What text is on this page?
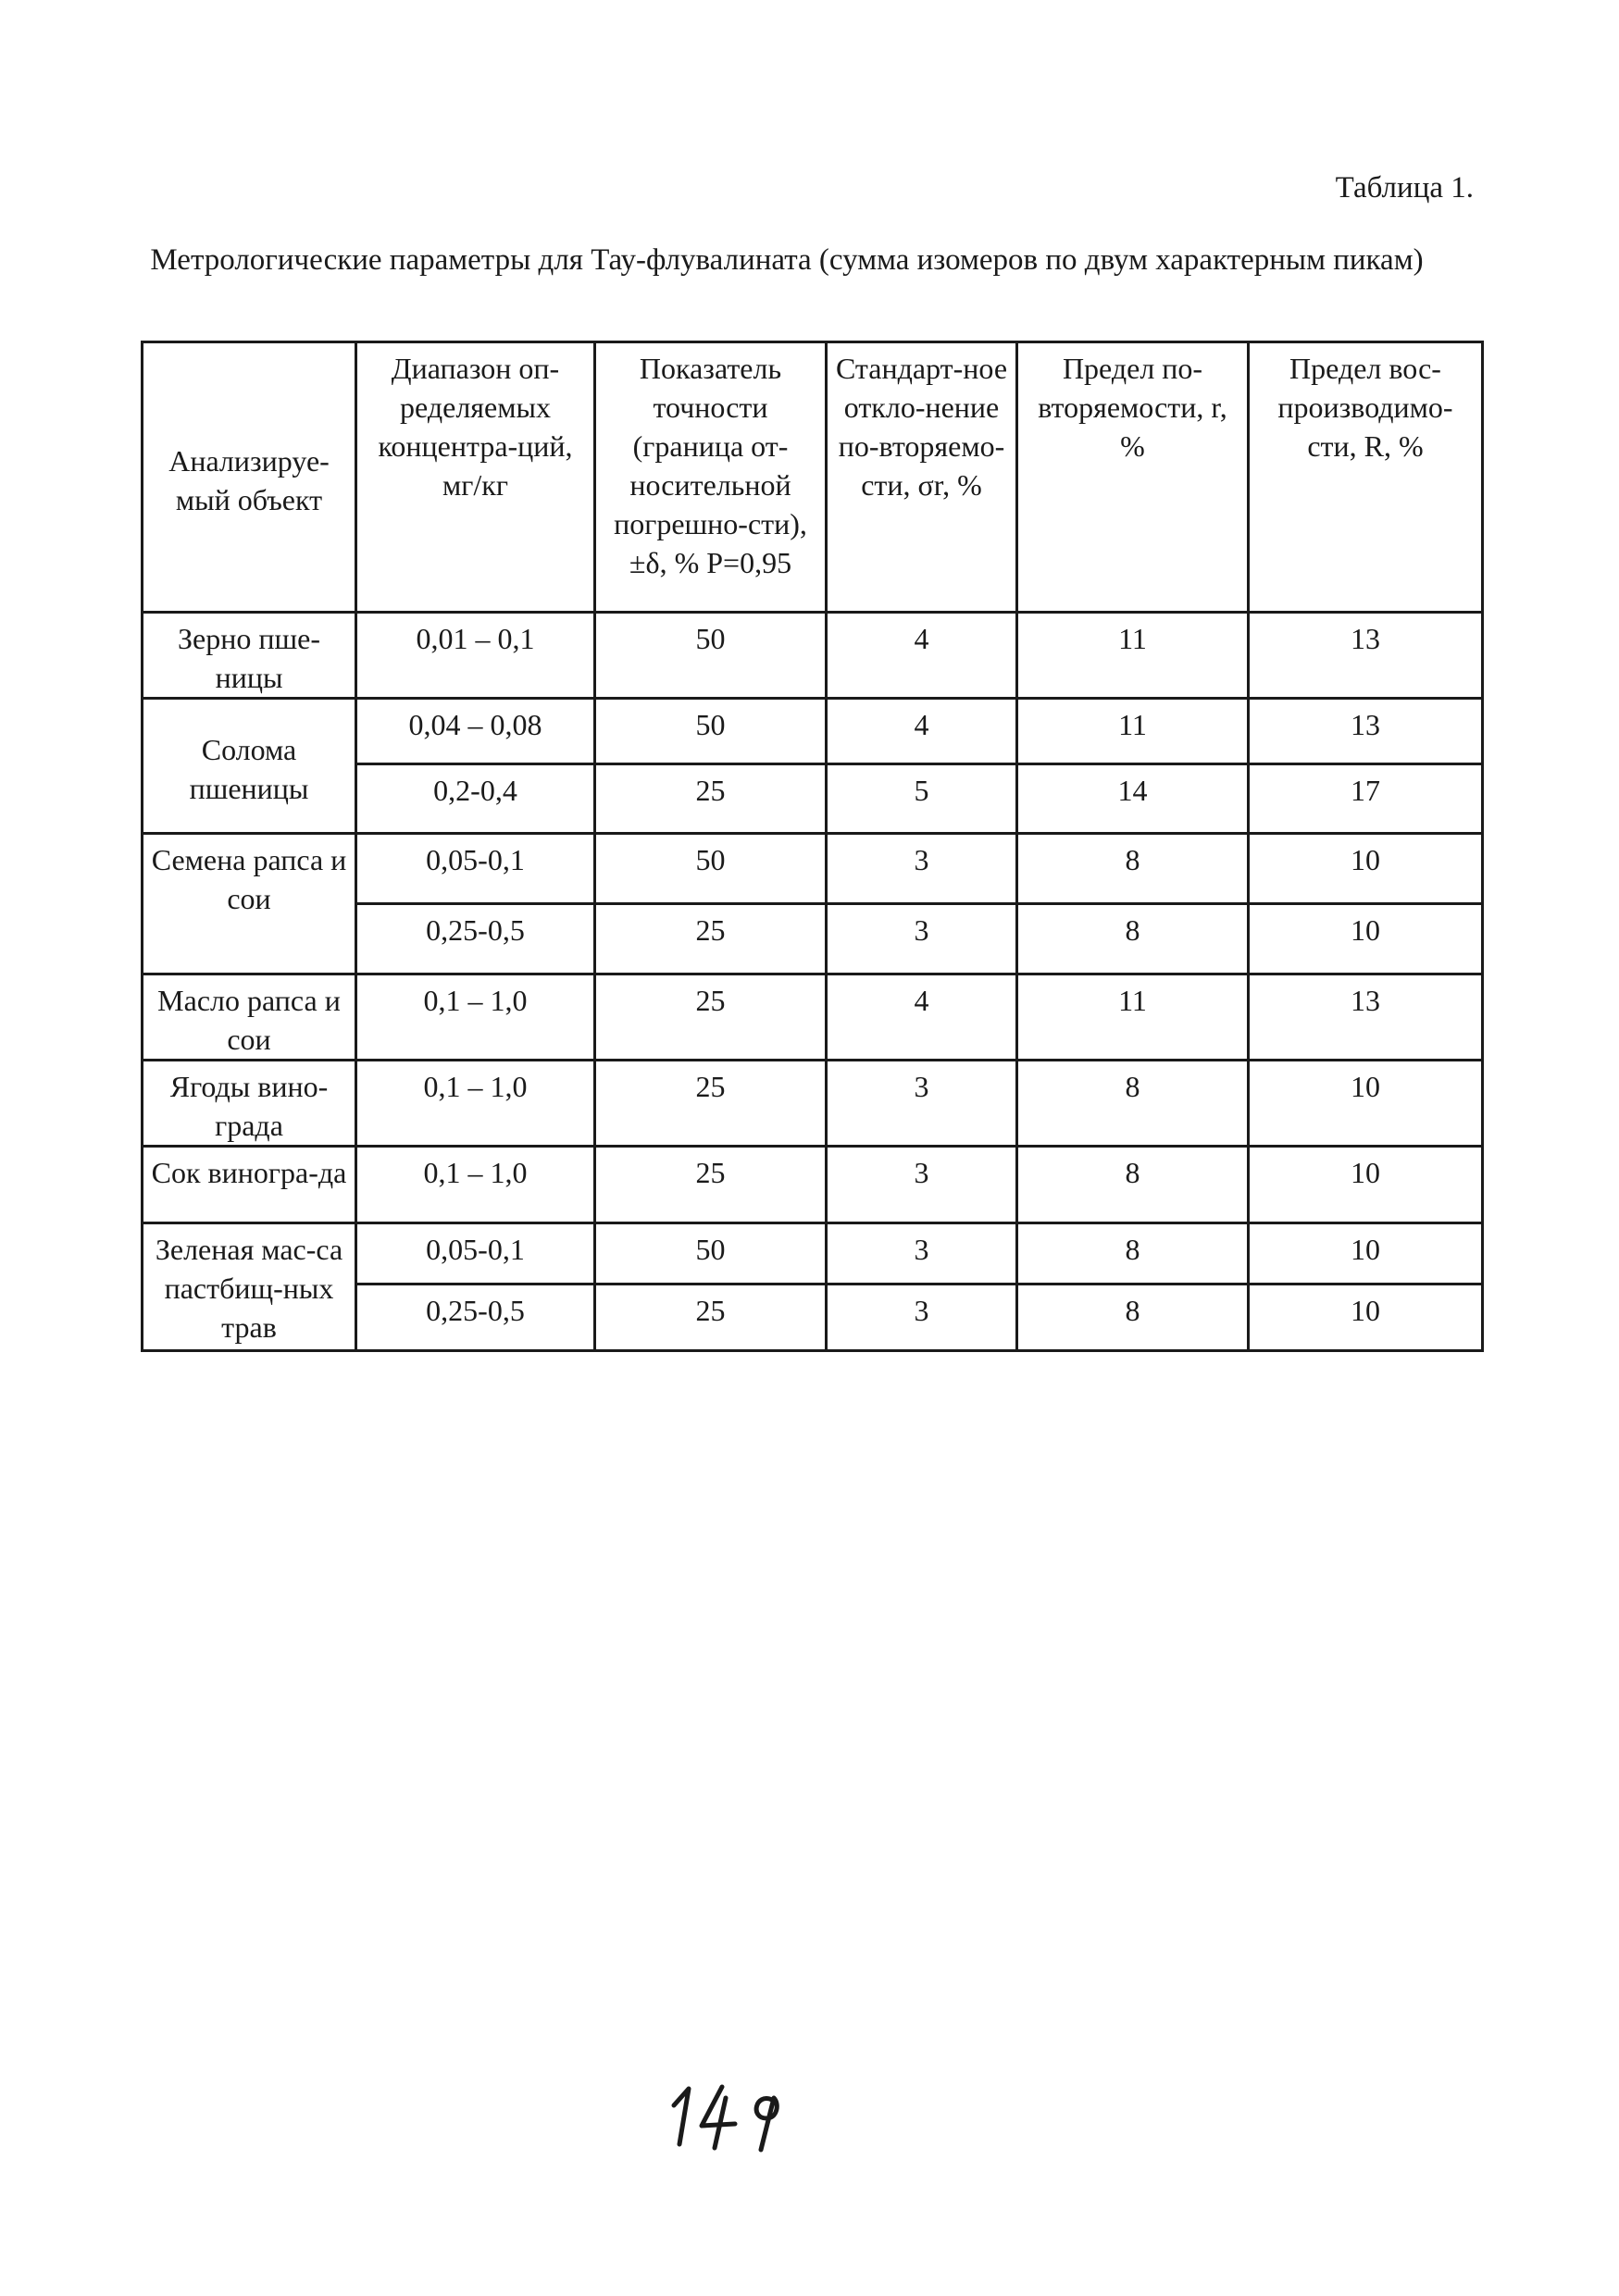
Таблица 1.
Метрологические параметры для Тау-флувалината (сумма изомеров по двум характерным пикам)
Анализируе-мый объект	Диапазон оп-ределяемых концентра-ций, мг/кг	Показатель точности (граница от-носительной погрешно-сти), ±δ, % P=0,95	Стандарт-ное откло-нение по-вторяемо-сти, σr, %	Предел по-вторяемости, r, %	Предел вос-производимо-сти, R, %
Зерно пше-ницы	0,01 – 0,1	50	4	11	13
Солома пшеницы	0,04 – 0,08	50	4	11	13
	0,2-0,4	25	5	14	17
Семена рапса и сои	0,05-0,1	50	3	8	10
	0,25-0,5	25	3	8	10
Масло рапса и сои	0,1 – 1,0	25	4	11	13
Ягоды вино-града	0,1 – 1,0	25	3	8	10
Сок виногра-да	0,1 – 1,0	25	3	8	10
Зеленая мас-са пастбищ-ных трав	0,05-0,1	50	3	8	10
	0,25-0,5	25	3	8	10
